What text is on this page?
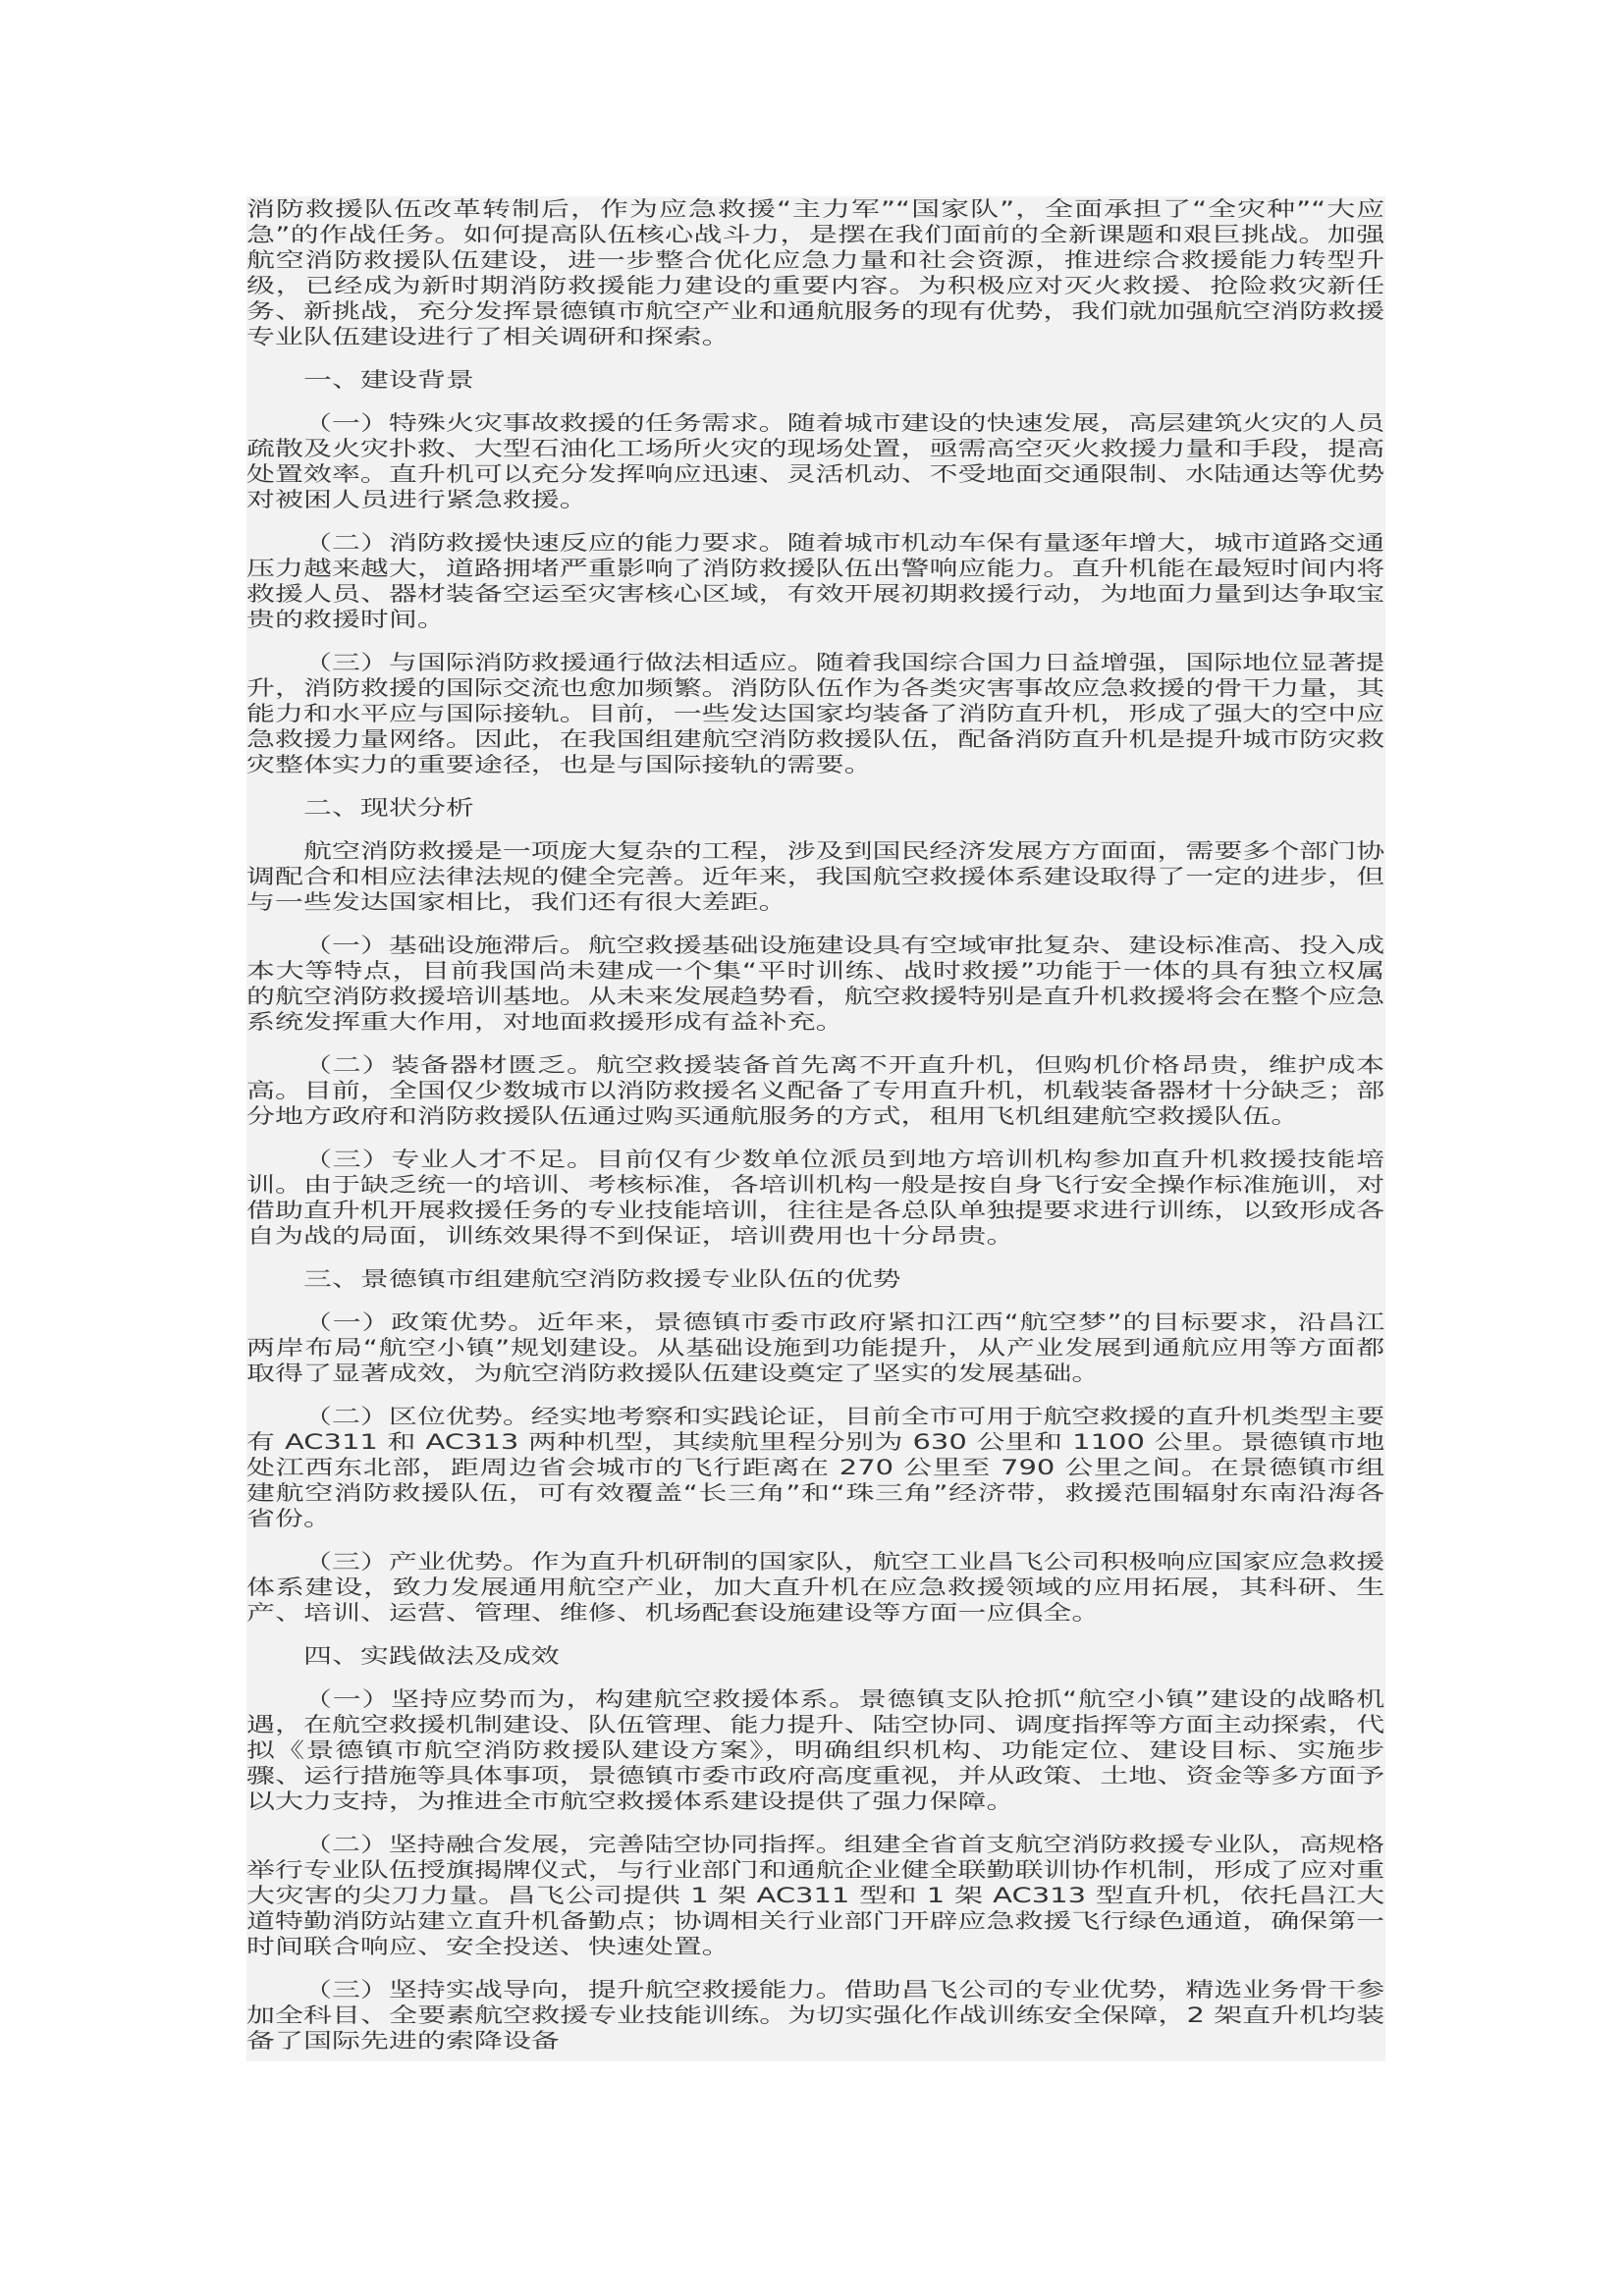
消防救援队伍改革转制后，作为应急救援“主力军”“国家队”，全面承担了“全灾种”“大应急”的作战任务。如何提高队伍核心战斗力，是摆在我们面前的全新课题和艰巨挑战。加强航空消防救援队伍建设，进一步整合优化应急力量和社会资源，推进综合救援能力转型升级，已经成为新时期消防救援能力建设的重要内容。为积极应对灭火救援、抢险救灾新任务、新挑战，充分发挥景德镇市航空产业和通航服务的现有优势，我们就加强航空消防救援专业队伍建设进行了相关调研和探索。

一、建设背景

（一）特殊火灾事故救援的任务需求。随着城市建设的快速发展，高层建筑火灾的人员疏散及火灾扑救、大型石油化工场所火灾的现场处置，亟需高空灭火救援力量和手段，提高处置效率。直升机可以充分发挥响应迅速、灵活机动、不受地面交通限制、水陆通达等优势对被困人员进行紧急救援。

（二）消防救援快速反应的能力要求。随着城市机动车保有量逐年增大，城市道路交通压力越来越大，道路拥堵严重影响了消防救援队伍出警响应能力。直升机能在最短时间内将救援人员、器材装备空运至灾害核心区域，有效开展初期救援行动，为地面力量到达争取宝贵的救援时间。

（三）与国际消防救援通行做法相适应。随着我国综合国力日益增强，国际地位显著提升，消防救援的国际交流也愈加频繁。消防队伍作为各类灾害事故应急救援的骨干力量，其能力和水平应与国际接轨。目前，一些发达国家均装备了消防直升机，形成了强大的空中应急救援力量网络。因此，在我国组建航空消防救援队伍，配备消防直升机是提升城市防灾救灾整体实力的重要途径，也是与国际接轨的需要。

二、现状分析

航空消防救援是一项庞大复杂的工程，涉及到国民经济发展方方面面，需要多个部门协调配合和相应法律法规的健全完善。近年来，我国航空救援体系建设取得了一定的进步，但与一些发达国家相比，我们还有很大差距。

（一）基础设施滞后。航空救援基础设施建设具有空域审批复杂、建设标准高、投入成本大等特点，目前我国尚未建成一个集“平时训练、战时救援”功能于一体的具有独立权属的航空消防救援培训基地。从未来发展趋势看，航空救援特别是直升机救援将会在整个应急系统发挥重大作用，对地面救援形成有益补充。

（二）装备器材匮乏。航空救援装备首先离不开直升机，但购机价格昂贵，维护成本高。目前，全国仅少数城市以消防救援名义配备了专用直升机，机载装备器材十分缺乏；部分地方政府和消防救援队伍通过购买通航服务的方式，租用飞机组建航空救援队伍。

（三）专业人才不足。目前仅有少数单位派员到地方培训机构参加直升机救援技能培训。由于缺乏统一的培训、考核标准，各培训机构一般是按自身飞行安全操作标准施训，对借助直升机开展救援任务的专业技能培训，往往是各总队单独提要求进行训练，以致形成各自为战的局面，训练效果得不到保证，培训费用也十分昂贵。

三、景德镇市组建航空消防救援专业队伍的优势

（一）政策优势。近年来，景德镇市委市政府紧扣江西“航空梦”的目标要求，沿昌江两岸布局“航空小镇”规划建设。从基础设施到功能提升，从产业发展到通航应用等方面都取得了显著成效，为航空消防救援队伍建设奠定了坚实的发展基础。

（二）区位优势。经实地考察和实践论证，目前全市可用于航空救援的直升机类型主要有 AC311 和 AC313 两种机型，其续航里程分别为 630 公里和 1100 公里。景德镇市地处江西东北部，距周边省会城市的飞行距离在 270 公里至 790 公里之间。在景德镇市组建航空消防救援队伍，可有效覆盖“长三角”和“珠三角”经济带，救援范围辐射东南沿海各省份。

（三）产业优势。作为直升机研制的国家队，航空工业昌飞公司积极响应国家应急救援体系建设，致力发展通用航空产业，加大直升机在应急救援领域的应用拓展，其科研、生产、培训、运营、管理、维修、机场配套设施建设等方面一应俱全。

四、实践做法及成效

（一）坚持应势而为，构建航空救援体系。景德镇支队抢抓“航空小镇”建设的战略机遇，在航空救援机制建设、队伍管理、能力提升、陆空协同、调度指挥等方面主动探索，代拟《景德镇市航空消防救援队建设方案》，明确组织机构、功能定位、建设目标、实施步骤、运行措施等具体事项，景德镇市委市政府高度重视，并从政策、土地、资金等多方面予以大力支持，为推进全市航空救援体系建设提供了强力保障。

（二）坚持融合发展，完善陆空协同指挥。组建全省首支航空消防救援专业队，高规格举行专业队伍授旗揭牌仪式，与行业部门和通航企业健全联勤联训协作机制，形成了应对重大灾害的尖刀力量。昌飞公司提供 1 架 AC311 型和 1 架 AC313 型直升机，依托昌江大道特勤消防站建立直升机备勤点；协调相关行业部门开辟应急救援飞行绿色通道，确保第一时间联合响应、安全投送、快速处置。

（三）坚持实战导向，提升航空救援能力。借助昌飞公司的专业优势，精选业务骨干参加全科目、全要素航空救援专业技能训练。为切实强化作战训练安全保障，2 架直升机均装备了国际先进的索降设备
